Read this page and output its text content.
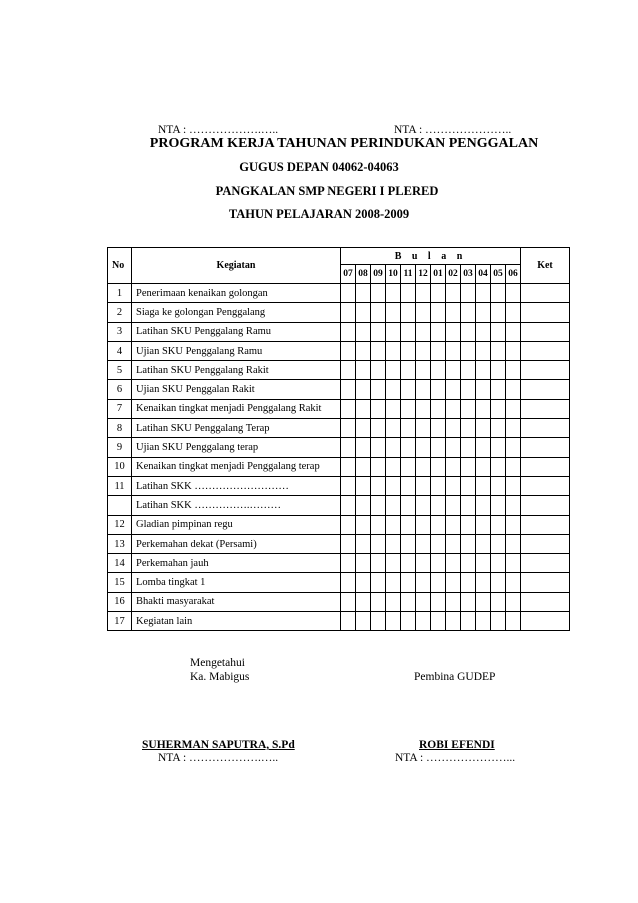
NTA : ……………….…..	NTA : …………………..
PROGRAM KERJA TAHUNAN PERINDUKAN PENGGALAN
GUGUS DEPAN 04062-04063
PANGKALAN SMP NEGERI I PLERED
TAHUN PELAJARAN 2008-2009
No	Kegiatan	B u l a n												Ket
		07	08	09	10	11	12	01	02	03	04	05	06	
1	Penerimaan kenaikan golongan													
2	Siaga ke golongan Penggalang													
3	Latihan SKU Penggalang Ramu													
4	Ujian SKU Penggalang Ramu													
5	Latihan SKU Penggalang Rakit													
6	Ujian SKU Penggalan Rakit													
7	Kenaikan tingkat menjadi Penggalang Rakit													
8	Latihan SKU Penggalang Terap													
9	Ujian SKU Penggalang terap													
10	Kenaikan tingkat menjadi Penggalang terap													
11	Latihan SKK ………………………													
	Latihan SKK …………….………													
12	Gladian pimpinan regu													
13	Perkemahan dekat (Persami)													
14	Perkemahan jauh													
15	Lomba tingkat 1													
16	Bhakti masyarakat													
17	Kegiatan lain													
Mengetahui
Ka. Mabigus	Pembina GUDEP
SUHERMAN SAPUTRA, S.Pd
NTA : ……………….…..
ROBI EFENDI
NTA : …………………...
